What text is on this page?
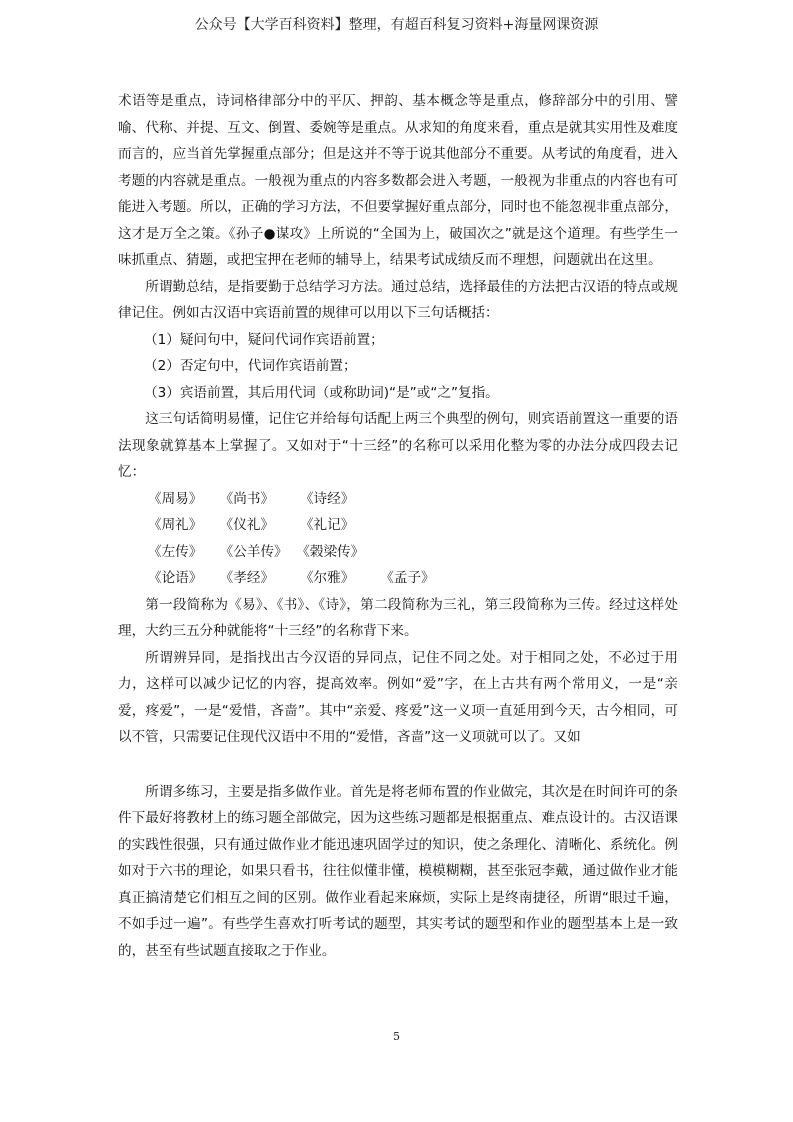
公众号【大学百科资料】整理，有超百科复习资料+海量网课资源

术语等是重点，诗词格律部分中的平仄、押韵、基本概念等是重点，修辞部分中的引用、譬喻、代称、并提、互文、倒置、委婉等是重点。从求知的角度来看，重点是就其实用性及难度而言的，应当首先掌握重点部分；但是这并不等于说其他部分不重要。从考试的角度看，进入考题的内容就是重点。一般视为重点的内容多数都会进入考题，一般视为非重点的内容也有可能进入考题。所以，正确的学习方法，不但要掌握好重点部分，同时也不能忽视非重点部分，这才是万全之策。《孙子●谋攻》上所说的“全国为上，破国次之”就是这个道理。有些学生一味抓重点、猜题，或把宝押在老师的辅导上，结果考试成绩反而不理想，问题就出在这里。

所谓勤总结，是指要勤于总结学习方法。通过总结，选择最佳的方法把古汉语的特点或规律记住。例如古汉语中宾语前置的规律可以用以下三句话概括：

（1）疑问句中，疑问代词作宾语前置；

（2）否定句中，代词作宾语前置；

（3）宾语前置，其后用代词（或称助词)“是”或“之”复指。

这三句话简明易懂，记住它并给每句话配上两三个典型的例句，则宾语前置这一重要的语法现象就算基本上掌握了。又如对于“十三经”的名称可以采用化整为零的办法分成四段去记忆：

《周易》    《尚书》      《诗经》

《周礼》    《仪礼》      《礼记》

《左传》    《公羊传》  《榖梁传》

《论语》    《孝经》      《尔雅》      《孟子》

第一段简称为《易》、《书》、《诗》，第二段简称为三礼，第三段简称为三传。经过这样处理，大约三五分种就能将“十三经”的名称背下来。

所谓辨异同，是指找出古今汉语的异同点，记住不同之处。对于相同之处，不必过于用力，这样可以减少记忆的内容，提高效率。例如“爱”字，在上古共有两个常用义，一是“亲爱，疼爱”，一是“爱惜，吝啬”。其中“亲爱、疼爱”这一义项一直延用到今天，古今相同，可以不管，只需要记住现代汉语中不用的“爱惜，吝啬”这一义项就可以了。又如

所谓多练习，主要是指多做作业。首先是将老师布置的作业做完，其次是在时间许可的条件下最好将教材上的练习题全部做完，因为这些练习题都是根据重点、难点设计的。古汉语课的实践性很强，只有通过做作业才能迅速巩固学过的知识，使之条理化、清晰化、系统化。例如对于六书的理论，如果只看书，往往似懂非懂，模模糊糊，甚至张冠李戴，通过做作业才能真正搞清楚它们相互之间的区别。做作业看起来麻烦，实际上是终南捷径，所谓“眼过千遍，不如手过一遍”。有些学生喜欢打听考试的题型，其实考试的题型和作业的题型基本上是一致的，甚至有些试题直接取之于作业。

5
